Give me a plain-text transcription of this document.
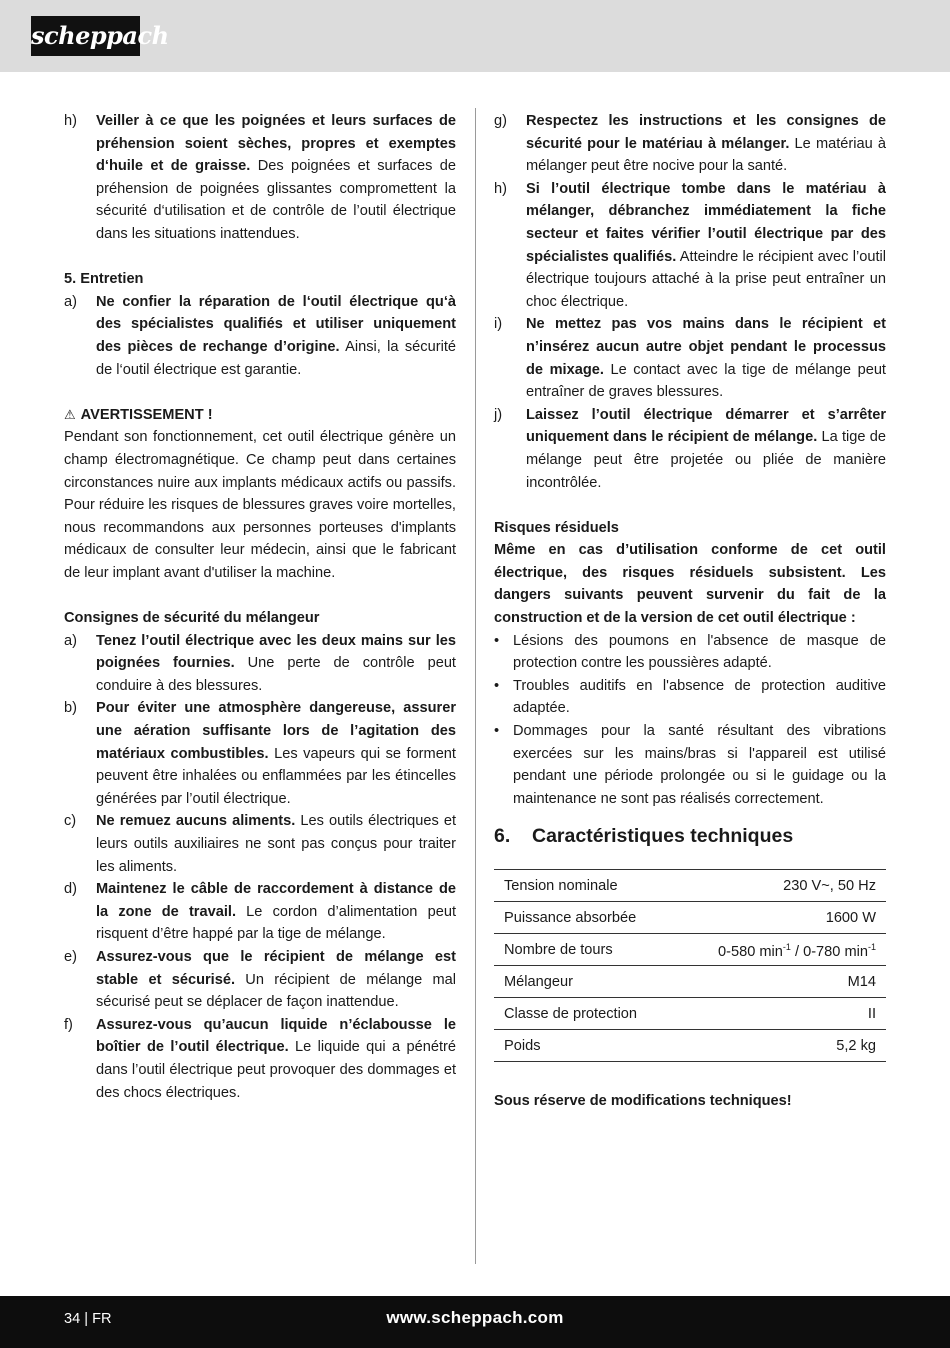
scheppach
h)	Veiller à ce que les poignées et leurs surfaces de préhension soient sèches, propres et exemptes d‘huile et de graisse. Des poignées et surfaces de préhension de poignées glissantes compromettent la sécurité d‘utilisation et de contrôle de l’outil électrique dans les situations inattendues.
5. Entretien
a)	Ne confier la réparation de l‘outil électrique qu‘à des spécialistes qualifiés et utiliser uniquement des pièces de rechange d’origine. Ainsi, la sécurité de l‘outil électrique est garantie.
⚠ AVERTISSEMENT !
Pendant son fonctionnement, cet outil électrique génère un champ électromagnétique. Ce champ peut dans certaines circonstances nuire aux implants médicaux actifs ou passifs. Pour réduire les risques de blessures graves voire mortelles, nous recommandons aux personnes porteuses d'implants médicaux de consulter leur médecin, ainsi que le fabricant de leur implant avant d'utiliser la machine.
Consignes de sécurité du mélangeur
a)	Tenez l’outil électrique avec les deux mains sur les poignées fournies. Une perte de contrôle peut conduire à des blessures.
b)	Pour éviter une atmosphère dangereuse, assurer une aération suffisante lors de l’agitation des matériaux combustibles. Les vapeurs qui se forment peuvent être inhalées ou enflammées par les étincelles générées par l’outil électrique.
c)	Ne remuez aucuns aliments. Les outils électriques et leurs outils auxiliaires ne sont pas conçus pour traiter les aliments.
d)	Maintenez le câble de raccordement à distance de la zone de travail. Le cordon d’alimentation peut risquent d’être happé par la tige de mélange.
e)	Assurez-vous que le récipient de mélange est stable et sécurisé. Un récipient de mélange mal sécurisé peut se déplacer de façon inattendue.
f)	Assurez-vous qu’aucun liquide n’éclabousse le boîtier de l’outil électrique. Le liquide qui a pénétré dans l’outil électrique peut provoquer des dommages et des chocs électriques.
g)	Respectez les instructions et les consignes de sécurité pour le matériau à mélanger. Le matériau à mélanger peut être nocive pour la santé.
h)	Si l’outil électrique tombe dans le matériau à mélanger, débranchez immédiatement la fiche secteur et faites vérifier l’outil électrique par des spécialistes qualifiés. Atteindre le récipient avec l’outil électrique toujours attaché à la prise peut entraîner un choc électrique.
i)	Ne mettez pas vos mains dans le récipient et n’insérez aucun autre objet pendant le processus de mixage. Le contact avec la tige de mélange peut entraîner de graves blessures.
j)	Laissez l’outil électrique démarrer et s’arrêter uniquement dans le récipient de mélange. La tige de mélange peut être projetée ou pliée de manière incontrôlée.
Risques résiduels
Même en cas d’utilisation conforme de cet outil électrique, des risques résiduels subsistent. Les dangers suivants peuvent survenir du fait de la construction et de la version de cet outil électrique :
• Lésions des poumons en l'absence de masque de protection contre les poussières adapté.
• Troubles auditifs en l'absence de protection auditive adaptée.
• Dommages pour la santé résultant des vibrations exercées sur les mains/bras si l'appareil est utilisé pendant une période prolongée ou si le guidage ou la maintenance ne sont pas réalisés correctement.
6. Caractéristiques techniques
Tension nominale	230 V~, 50 Hz
Puissance absorbée	1600 W
Nombre de tours	0-580 $\min^{-1} / 0-780$ $\min^{-1}$
Mélangeur	M14
Classe de protection	II
Poids	5,2 kg
Sous réserve de modifications techniques!
34 | FR	www.scheppach.com
